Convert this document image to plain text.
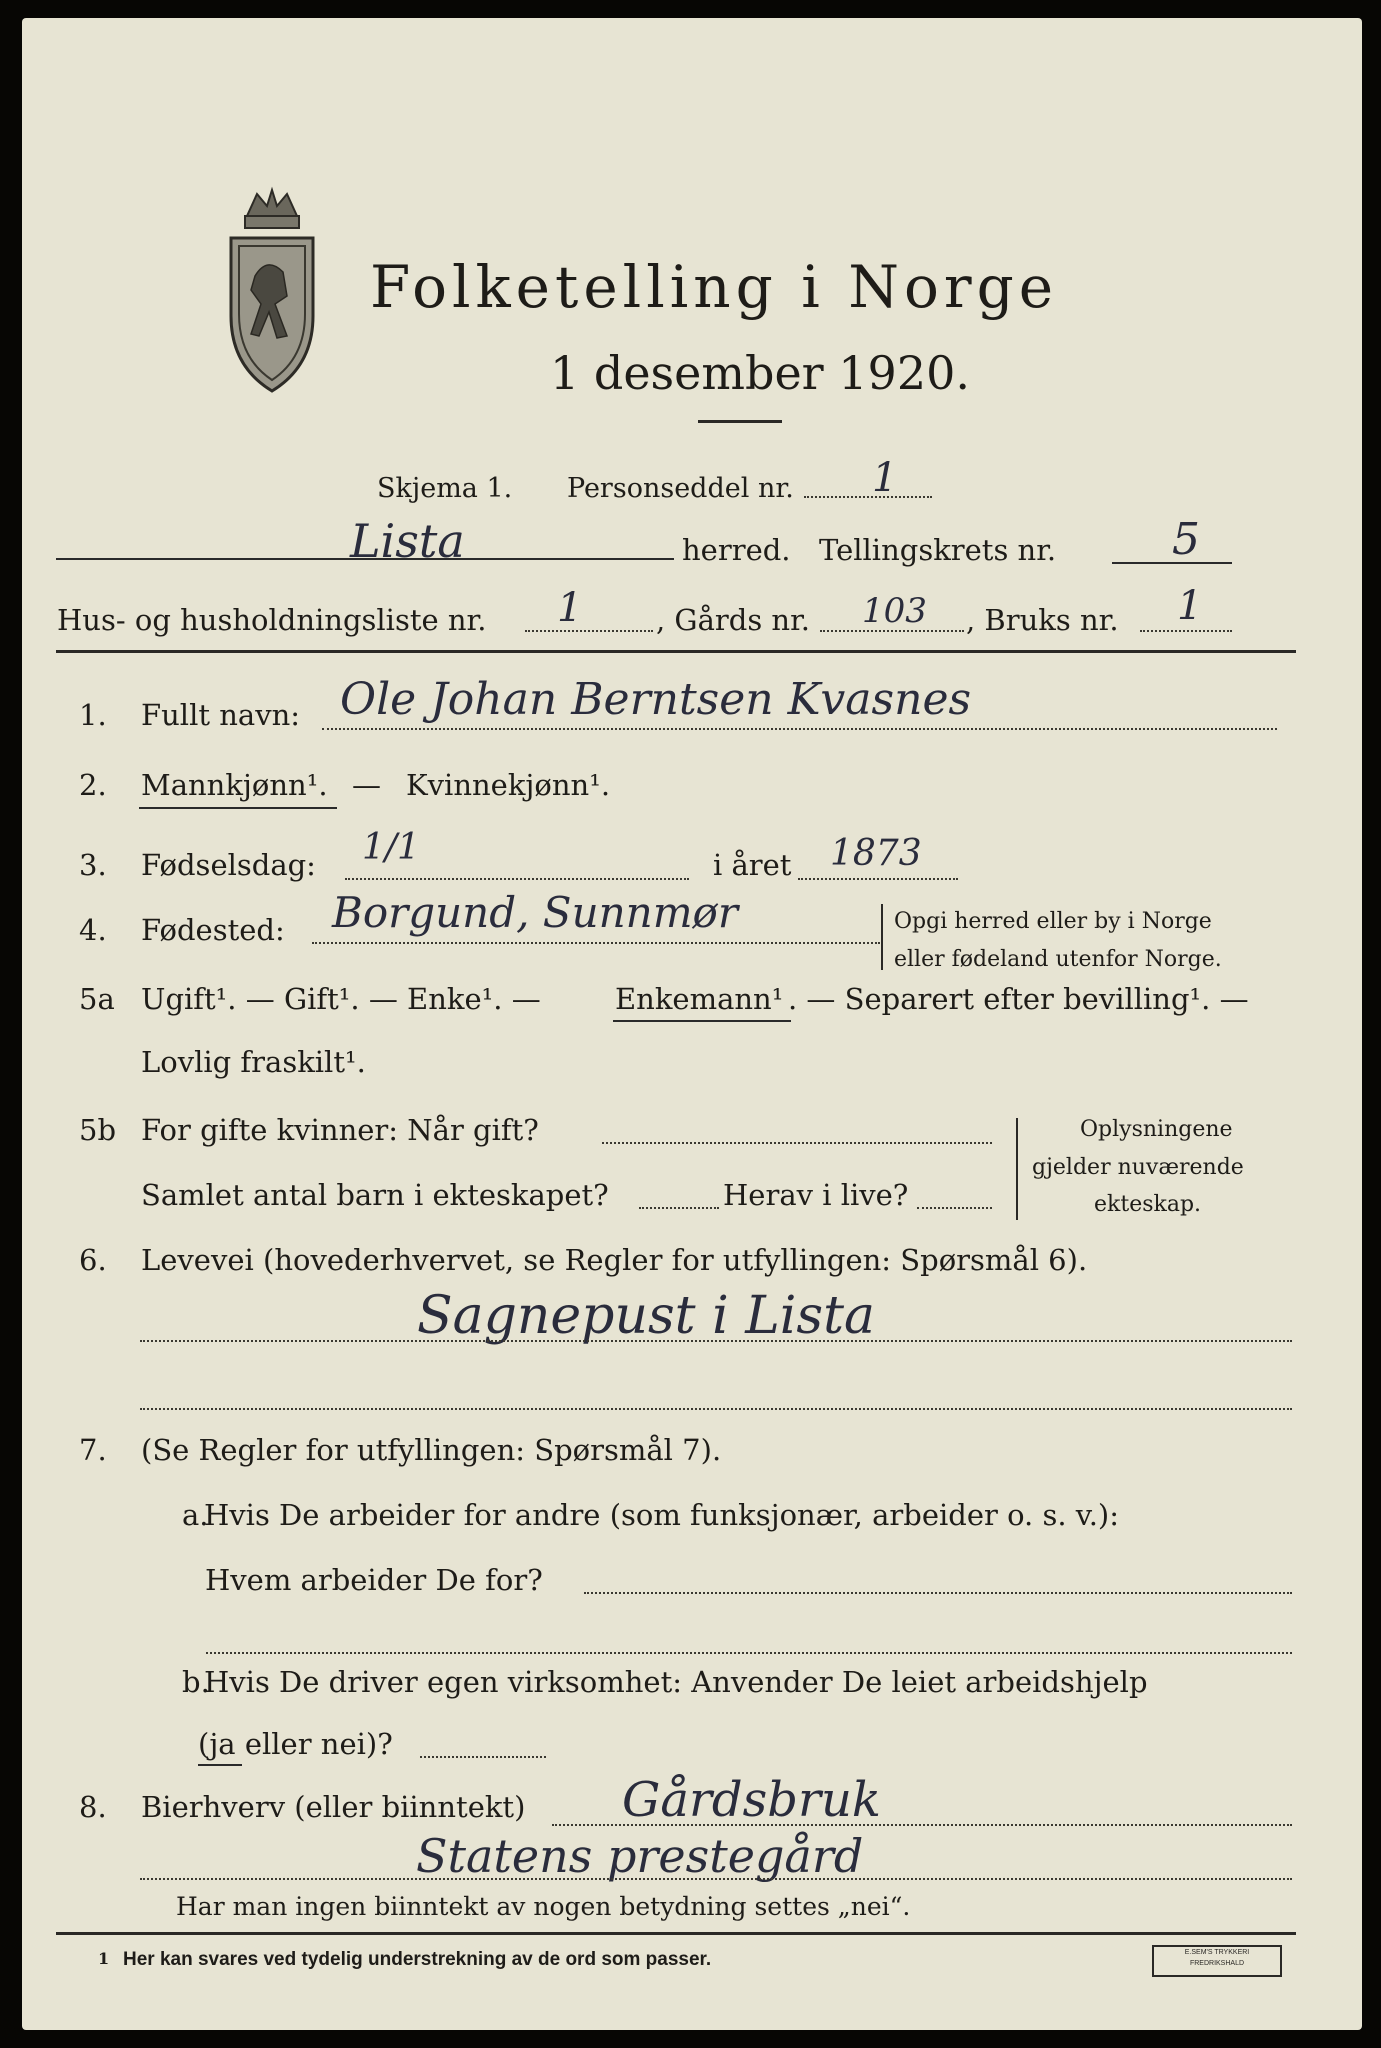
Folketelling i Norge
1 desember 1920.
Skjema 1. Personseddel nr. 1
Lista	herred. Tellingskrets nr.	5
Hus- og husholdningsliste nr. 1	, Gårds nr. 103 , Bruks nr. 1
1. Fullt navn: Ole Johan Berntsen Kvasnes
2. Mannkjønn¹. — Kvinnekjønn¹.
3. Fødselsdag: 1/1	i året 1873
4. Fødested: Borgund, Sunnmør	Opgi herred eller by i Norge
eller fødeland utenfor Norge.
5a Ugift¹. — Gift¹. — Enke¹. —	Enkemann¹ . — Separert efter bevilling¹. —
Lovlig fraskilt¹.
5b For gifte kvinner: Når gift?
Samlet antal barn i ekteskapet?	Herav i live?
Oplysningene
gjelder nuværende
ekteskap.
6. Levevei (hovederhvervet, se Regler for utfyllingen: Spørsmål 6).
Sagnepust i Lista
7. (Se Regler for utfyllingen: Spørsmål 7).
a.
Hvis De arbeider for andre (som funksjonær, arbeider o. s. v.):
Hvem arbeider De for?
b.
Hvis De driver egen virksomhet: Anvender De leiet arbeidshjelp
(ja eller nei)?
8. Bierhverv (eller biinntekt) Gårdsbruk
Statens prestegård
Har man ingen biinntekt av nogen betydning settes „nei“.
1 Her kan svares ved tydelig understrekning av de ord som passer.	E.SEM'S TRYKKERI
FREDRIKSHALD
